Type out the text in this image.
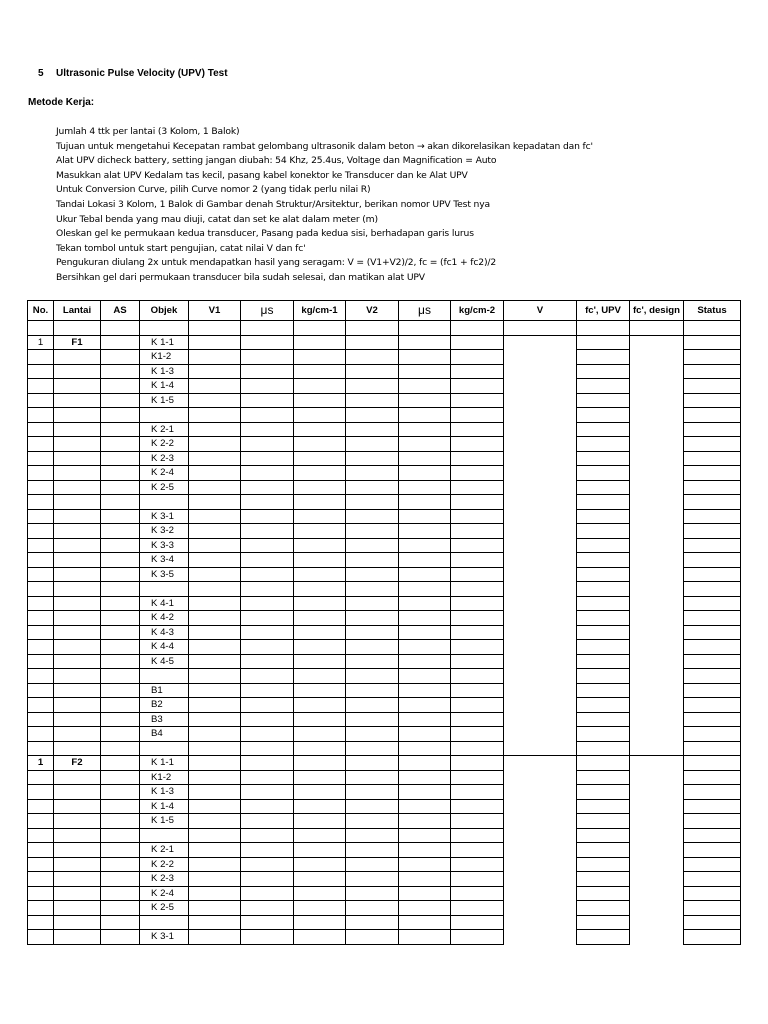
5 Ultrasonic Pulse Velocity (UPV) Test
Metode Kerja:
Jumlah 4 ttk per lantai (3 Kolom, 1 Balok)
Tujuan untuk mengetahui Kecepatan rambat gelombang ultrasonik dalam beton → akan dikorelasikan kepadatan dan fc'
Alat UPV dicheck battery, setting jangan diubah: 54 Khz, 25.4us, Voltage dan Magnification = Auto
Masukkan alat UPV Kedalam tas kecil, pasang kabel konektor ke Transducer dan ke Alat UPV
Untuk Conversion Curve, pilih Curve nomor 2 (yang tidak perlu nilai R)
Tandai Lokasi 3 Kolom, 1 Balok di Gambar denah Struktur/Arsitektur, berikan nomor UPV Test nya
Ukur Tebal benda yang mau diuji, catat dan set ke alat dalam meter (m)
Oleskan gel ke permukaan kedua transducer, Pasang pada kedua sisi, berhadapan garis lurus
Tekan tombol untuk start pengujian, catat nilai V dan fc'
Pengukuran diulang 2x untuk mendapatkan hasil yang seragam: V = (V1+V2)/2, fc = (fc1 + fc2)/2
Bersihkan gel dari permukaan transducer bila sudah selesai, dan matikan alat UPV
No.	Lantai	AS	Objek	V1	μs	kg/cm-1	V2	μs	kg/cm-2	V	fc', UPV	fc', design	Status

1	F1		K 1-1										
			K1-2										
			K 1-3										
			K 1-4										
			K 1-5										

			K 2-1										
			K 2-2										
			K 2-3										
			K 2-4										
			K 2-5										

			K 3-1										
			K 3-2										
			K 3-3										
			K 3-4										
			K 3-5										

			K 4-1										
			K 4-2										
			K 4-3										
			K 4-4										
			K 4-5										

			B1										
			B2										
			B3										
			B4										

1	F2		K 1-1										
			K1-2										
			K 1-3										
			K 1-4										
			K 1-5										

			K 2-1										
			K 2-2										
			K 2-3										
			K 2-4										
			K 2-5										

			K 3-1										
